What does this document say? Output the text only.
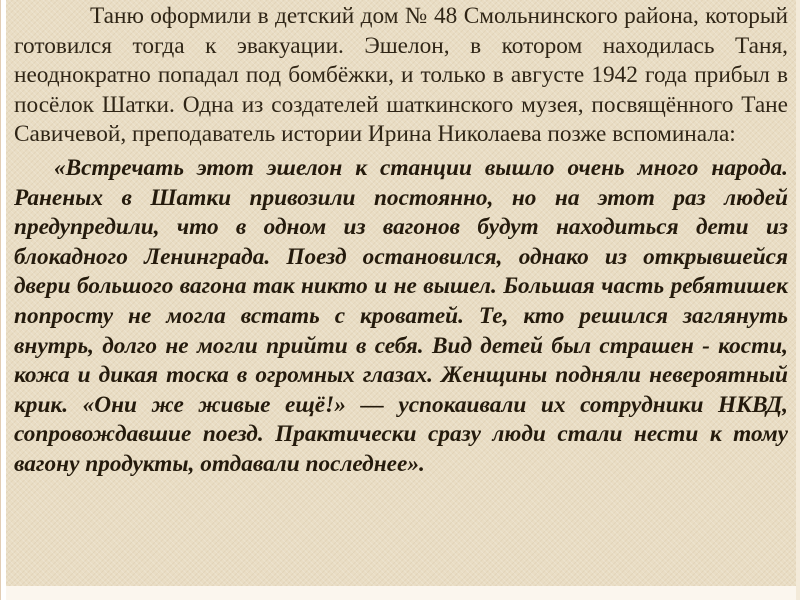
Таню оформили в детский дом № 48 Смольнинского района, который готовился тогда к эвакуации. Эшелон, в котором находилась Таня, неоднократно попадал под бомбёжки, и только в августе 1942 года прибыл в посёлок Шатки. Одна из создателей шаткинского музея, посвящённого Тане Савичевой, преподаватель истории Ирина Николаева позже вспоминала:

«Встречать этот эшелон к станции вышло очень много народа. Раненых в Шатки привозили постоянно, но на этот раз людей предупредили, что в одном из вагонов будут находиться дети из блокадного Ленинграда. Поезд остановился, однако из открывшейся двери большого вагона так никто и не вышел. Большая часть ребятишек попросту не могла встать с кроватей. Те, кто решился заглянуть внутрь, долго не могли прийти в себя. Вид детей был страшен - кости, кожа и дикая тоска в огромных глазах. Женщины подняли невероятный крик. «Они же живые ещё!» — успокаивали их сотрудники НКВД, сопровождавшие поезд. Практически сразу люди стали нести к тому вагону продукты, отдавали последнее».
